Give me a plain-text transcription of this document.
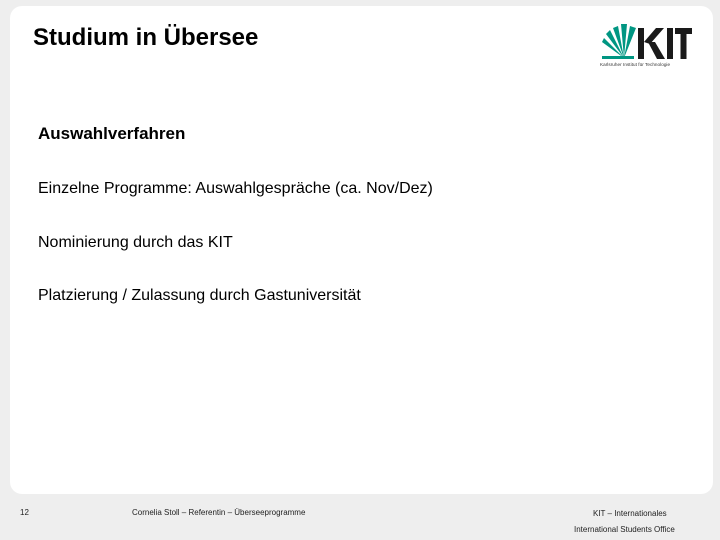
Studium in Übersee
Karlsruher Institut für Technologie
Auswahlverfahren
Einzelne Programme: Auswahlgespräche (ca. Nov/Dez)
Nominierung durch das KIT
Platzierung / Zulassung durch Gastuniversität
12	Cornelia Stoll – Referentin – Überseeprogramme	KIT – Internationales
International Students Office
